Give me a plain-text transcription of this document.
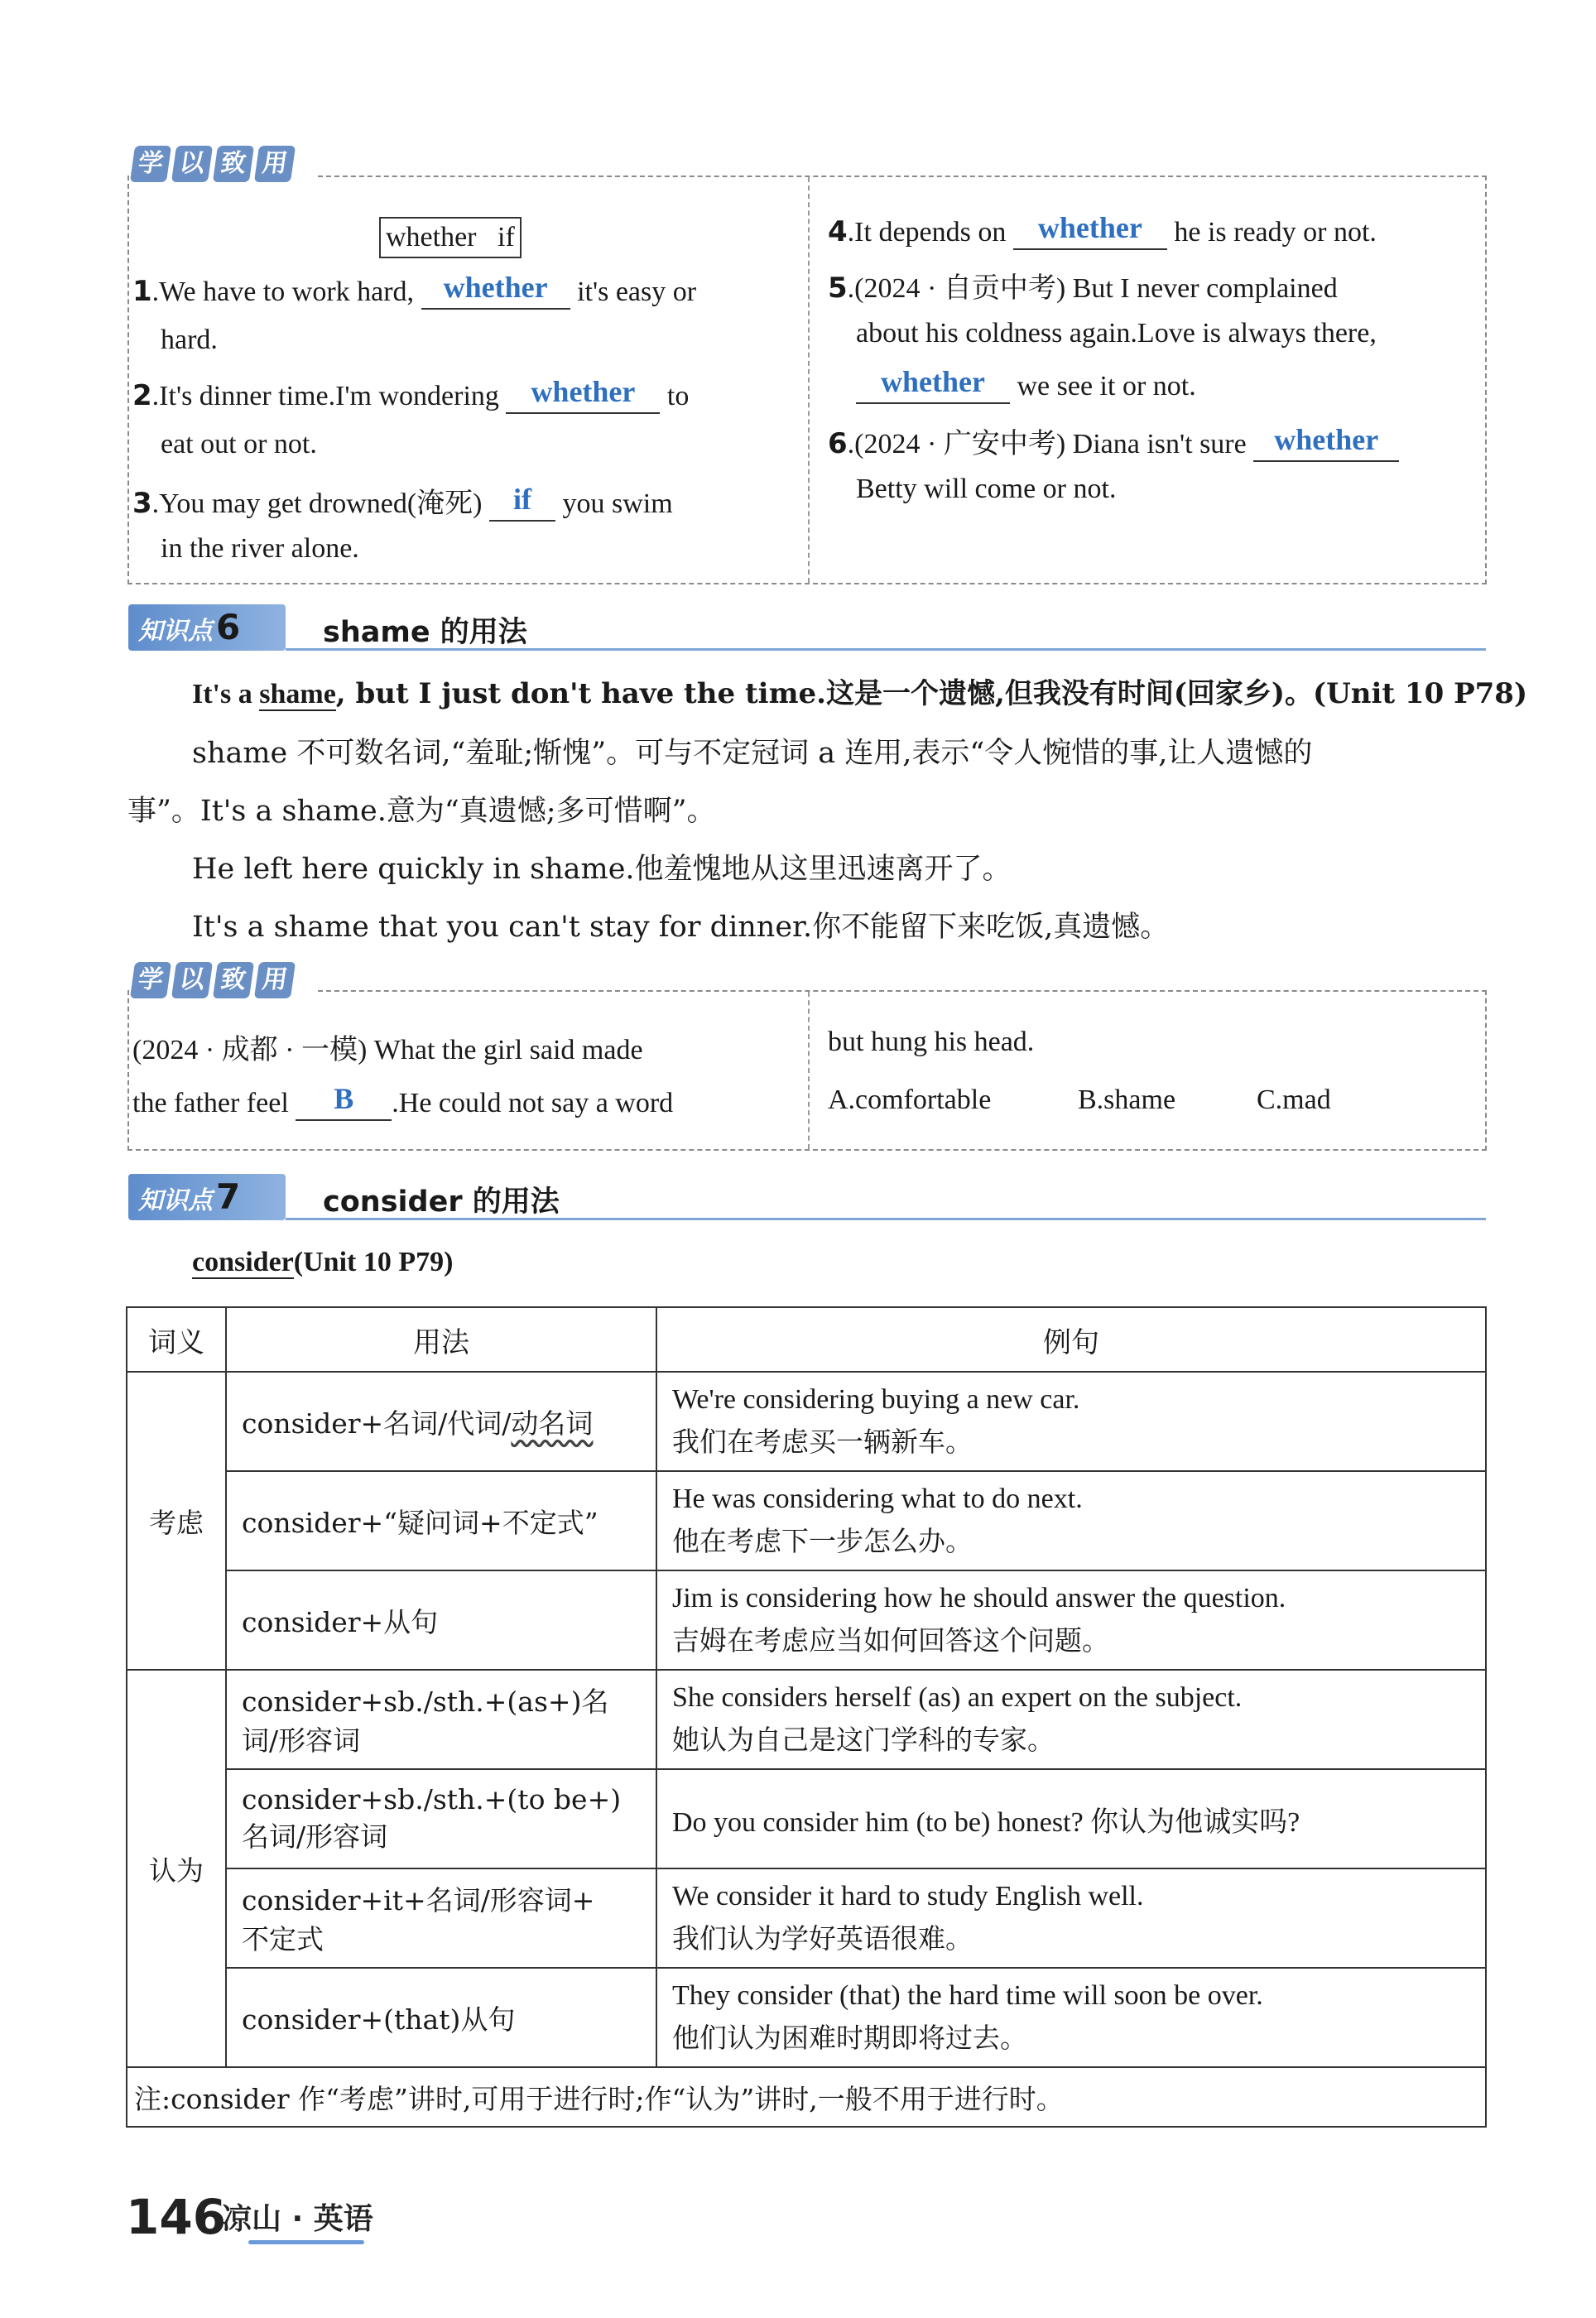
学 以 致 用
whether   if
1.We have to work hard, whether it's easy or
hard.
2.It's dinner time.I'm wondering whether to
eat out or not.
3.You may get drowned(淹死) if you swim
in the river alone.
4.It depends on whether he is ready or not.
5.(2024 · 自贡中考) But I never complained
about his coldness again.Love is always there,
whether we see it or not.
6.(2024 · 广安中考) Diana isn't sure whether
Betty will come or not.
知识点6	shame 的用法
It's a shame, but I just don't have the time.这是一个遗憾,但我没有时间(回家乡)。(Unit 10 P78)
shame 不可数名词,“羞耻;惭愧”。可与不定冠词 a 连用,表示“令人惋惜的事,让人遗憾的
事”。It's a shame.意为“真遗憾;多可惜啊”。
He left here quickly in shame.他羞愧地从这里迅速离开了。
It's a shame that you can't stay for dinner.你不能留下来吃饭,真遗憾。
学 以 致 用
(2024 · 成都 · 一模) What the girl said made
the father feel B .He could not say a word
but hung his head.
A.comfortable	B.shame	C.mad
知识点7	consider 的用法
consider(Unit 10 P79)
词义	用法	例句
考虑	consider+名词/代词/动名词	We're considering buying a new car.
我们在考虑买一辆新车。

	consider+“疑问词+不定式”	He was considering what to do next.
他在考虑下一步怎么办。

	consider+从句	Jim is considering how he should answer the question.
吉姆在考虑应当如何回答这个问题。

认为	consider+sb./sth.+(as+)名
词/形容词	She considers herself (as) an expert on the subject.
她认为自己是这门学科的专家。

	consider+sb./sth.+(to be+)
名词/形容词	Do you consider him (to be) honest? 你认为他诚实吗?

	consider+it+名词/形容词+
不定式	We consider it hard to study English well.
我们认为学好英语很难。

	consider+(that)从句	They consider (that) the hard time will soon be over.
他们认为困难时期即将过去。

注:consider 作“考虑”讲时,可用于进行时;作“认为”讲时,一般不用于进行时。		
146
凉山 · 英语
